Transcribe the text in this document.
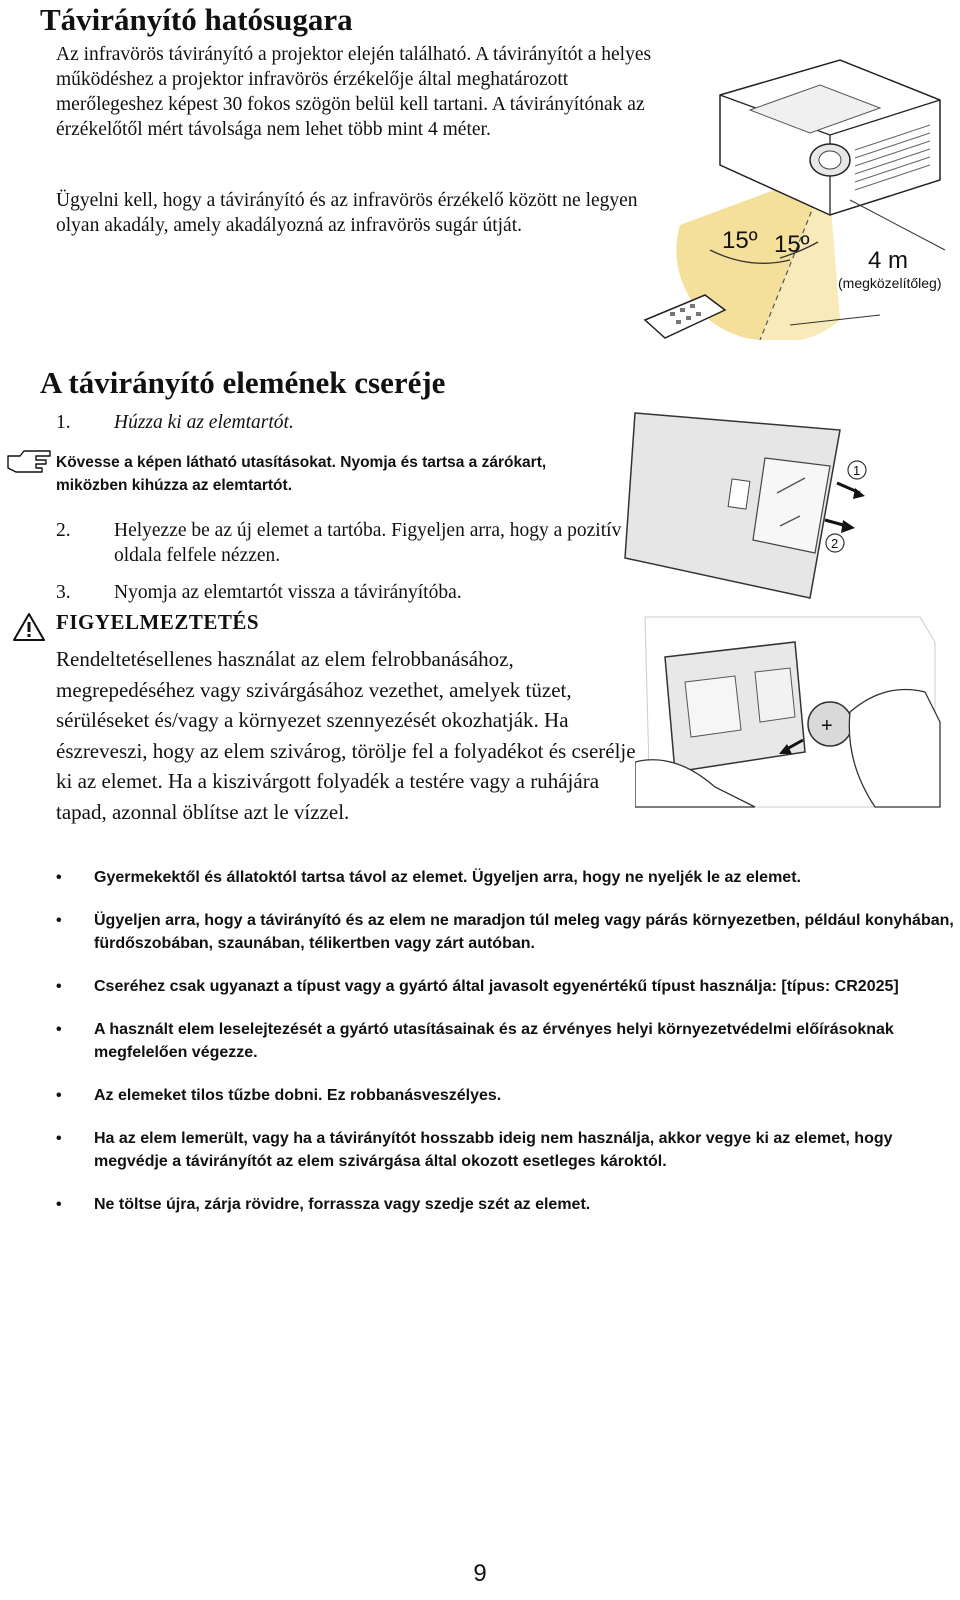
Távirányító hatósugara

Az infravörös távirányító a projektor elején található. A távirányítót a helyes működéshez a projektor infravörös érzékelője által meghatározott merőlegeshez képest 30 fokos szögön belül kell tartani. A távirányítónak az érzékelőtől mért távolsága nem lehet több mint 4 méter.

Ügyelni kell, hogy a távirányító és az infravörös érzékelő között ne legyen olyan akadály, amely akadályozná az infravörös sugár útját.

15º 15º
4 m
(megközelítőleg)
A távirányító elemének cseréje
1. Húzza ki az elemtartót.
Kövesse a képen látható utasításokat. Nyomja és tartsa a zárókart, miközben kihúzza az elemtartót.
2. Helyezze be az új elemet a tartóba. Figyeljen arra, hogy a pozitív oldala felfele nézzen.
3. Nyomja az elemtartót vissza a távirányítóba.
1
2
+
FIGYELMEZTETÉS

Rendeltetésellenes használat az elem felrobbanásához, megrepedéséhez vagy szivárgásához vezethet, amelyek tüzet, sérüléseket és/vagy a környezet szennyezését okozhatják. Ha észreveszi, hogy az elem szivárog, törölje fel a folyadékot és cserélje ki az elemet. Ha a kiszivárgott folyadék a testére vagy a ruhájára tapad, azonnal öblítse azt le vízzel.

• Gyermekektől és állatoktól tartsa távol az elemet. Ügyeljen arra, hogy ne nyeljék le az elemet.
• Ügyeljen arra, hogy a távirányító és az elem ne maradjon túl meleg vagy párás környezetben, például konyhában, fürdőszobában, szaunában, télikertben vagy zárt autóban.
• Cseréhez csak ugyanazt a típust vagy a gyártó által javasolt egyenértékű típust használja: [típus: CR2025]
• A használt elem leselejtezését a gyártó utasításainak és az érvényes helyi környezetvédelmi előírásoknak megfelelően végezze.
• Az elemeket tilos tűzbe dobni. Ez robbanásveszélyes.
• Ha az elem lemerült, vagy ha a távirányítót hosszabb ideig nem használja, akkor vegye ki az elemet, hogy megvédje a távirányítót az elem szivárgása által okozott esetleges károktól.
• Ne töltse újra, zárja rövidre, forrassza vagy szedje szét az elemet.
9
